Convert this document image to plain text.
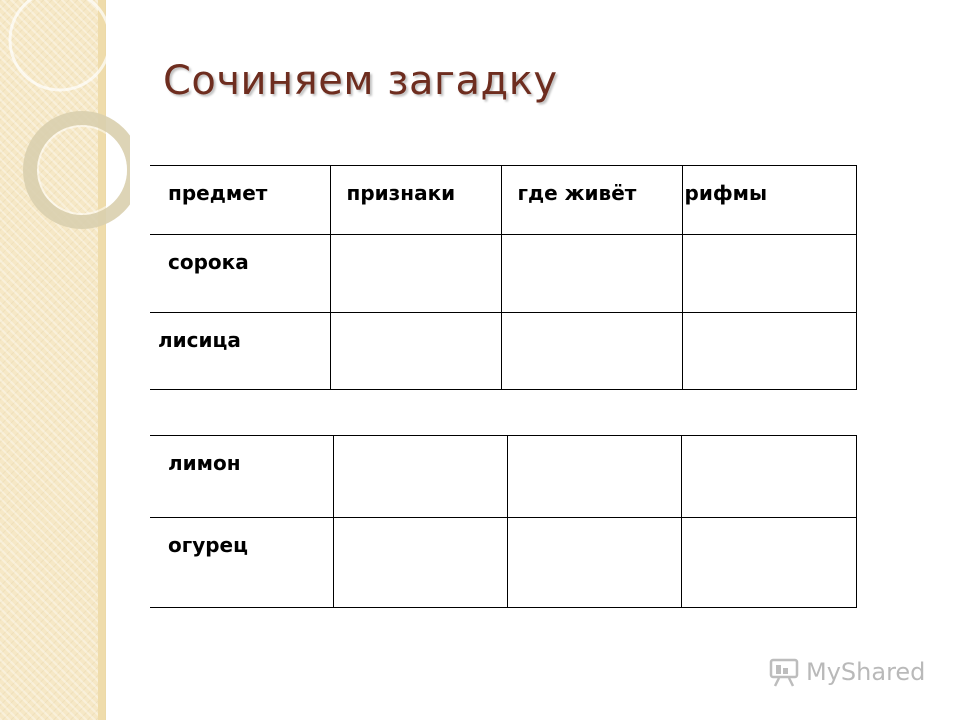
Сочиняем загадку
предмет	признаки	где живёт	рифмы

сорока			

лисица			

лимон			

огурец			

MyShared
